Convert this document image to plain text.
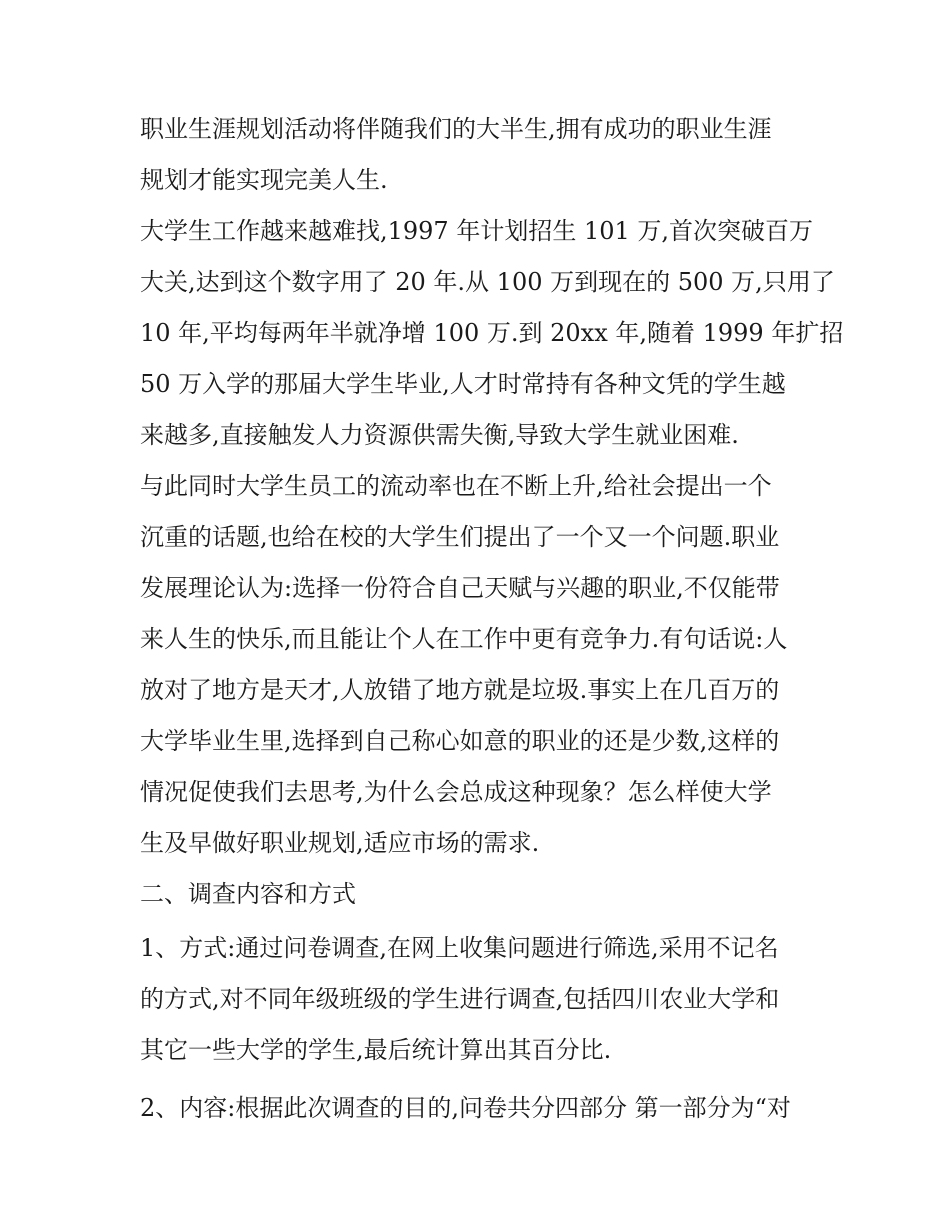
职业生涯规划活动将伴随我们的大半生,拥有成功的职业生涯
规划才能实现完美人生.
大学生工作越来越难找,1997 年计划招生 101 万,首次突破百万
大关,达到这个数字用了 20 年.从 100 万到现在的 500 万,只用了
10 年,平均每两年半就净增 100 万.到 20xx 年,随着 1999 年扩招
50 万入学的那届大学生毕业,人才时常持有各种文凭的学生越
来越多,直接触发人力资源供需失衡,导致大学生就业困难.
与此同时大学生员工的流动率也在不断上升,给社会提出一个
沉重的话题,也给在校的大学生们提出了一个又一个问题.职业
发展理论认为:选择一份符合自己天赋与兴趣的职业,不仅能带
来人生的快乐,而且能让个人在工作中更有竞争力.有句话说:人
放对了地方是天才,人放错了地方就是垃圾.事实上在几百万的
大学毕业生里,选择到自己称心如意的职业的还是少数,这样的
情况促使我们去思考,为什么会总成这种现象？怎么样使大学
生及早做好职业规划,适应市场的需求.
二、调查内容和方式
1、方式:通过问卷调查,在网上收集问题进行筛选,采用不记名
的方式,对不同年级班级的学生进行调查,包括四川农业大学和
其它一些大学的学生,最后统计算出其百分比.
2、内容:根据此次调查的目的,问卷共分四部分 第一部分为“对
